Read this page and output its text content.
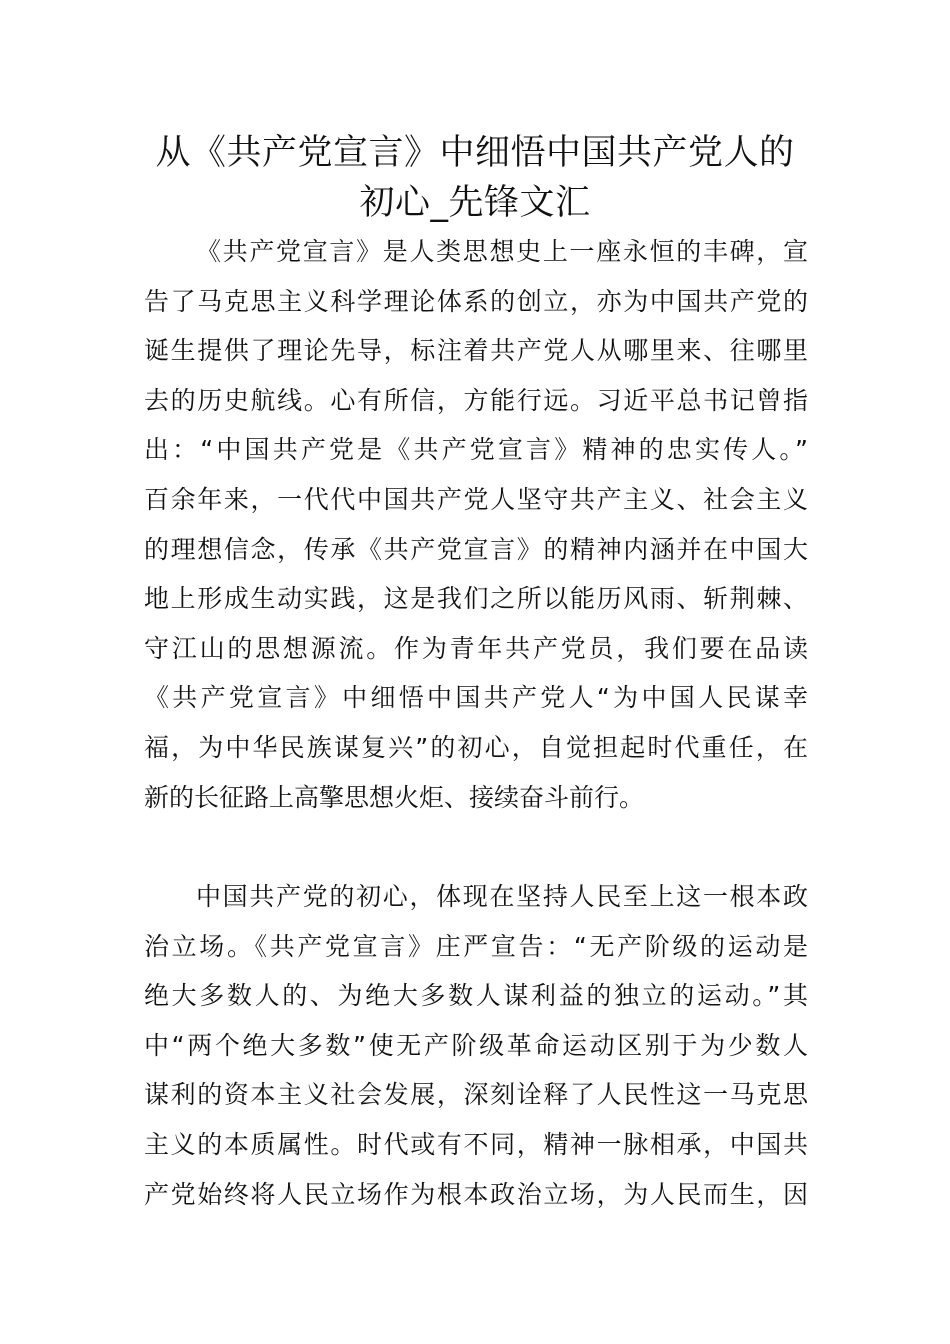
从《共产党宣言》中细悟中国共产党人的
初心_先锋文汇
《共产党宣言》是人类思想史上一座永恒的丰碑，宣
告了马克思主义科学理论体系的创立，亦为中国共产党的
诞生提供了理论先导，标注着共产党人从哪里来、往哪里
去的历史航线。心有所信，方能行远。习近平总书记曾指
出：“中国共产党是《共产党宣言》精神的忠实传人。”
百余年来，一代代中国共产党人坚守共产主义、社会主义
的理想信念，传承《共产党宣言》的精神内涵并在中国大
地上形成生动实践，这是我们之所以能历风雨、斩荆棘、
守江山的思想源流。作为青年共产党员，我们要在品读
《共产党宣言》中细悟中国共产党人“为中国人民谋幸
福，为中华民族谋复兴”的初心，自觉担起时代重任，在
新的长征路上高擎思想火炬、接续奋斗前行。
中国共产党的初心，体现在坚持人民至上这一根本政
治立场。《共产党宣言》庄严宣告：“无产阶级的运动是
绝大多数人的、为绝大多数人谋利益的独立的运动。”其
中“两个绝大多数”使无产阶级革命运动区别于为少数人
谋利的资本主义社会发展，深刻诠释了人民性这一马克思
主义的本质属性。时代或有不同，精神一脉相承，中国共
产党始终将人民立场作为根本政治立场，为人民而生，因
